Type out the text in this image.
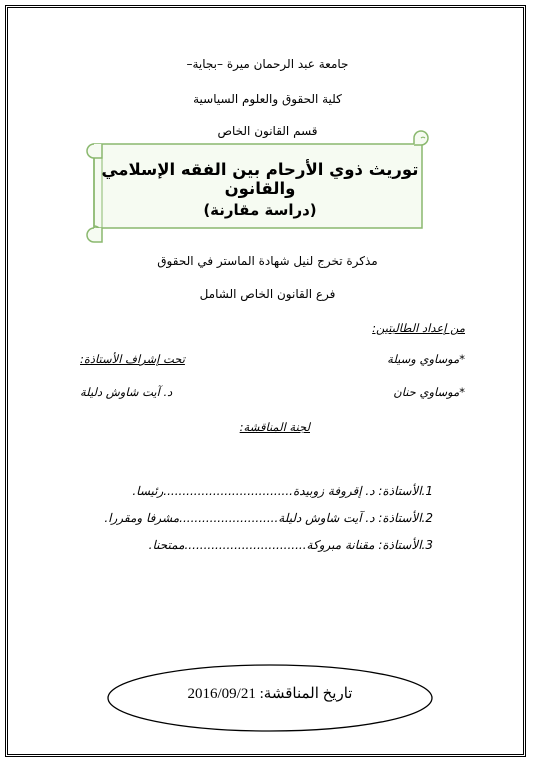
جامعة عبد الرحمان ميرة –بجاية–
كلية الحقوق والعلوم السياسية
قسم القانون الخاص
توريث ذوي الأرحام بين الفقه الإسلامي والقانون
(دراسة مقارنة)
مذكرة تخرج لنيل شهادة الماستر في الحقوق
فرع القانون الخاص الشامل
من إعداد الطالبتين:
*موساوي وسيلة
تحت إشراف الأستاذة:
*موساوي حنان
د. آيت شاوش دليلة
لجنة المناقشة:
1.الأستاذة: د. إقروفة زوبيدة..................................رئيسا.
2.الأستاذة: د. آيت شاوش دليلة..........................مشرفا ومقررا.
3.الأستاذة: مقنانة مبروكة................................ممتحنا.
تاريخ المناقشة: 2016/09/21
